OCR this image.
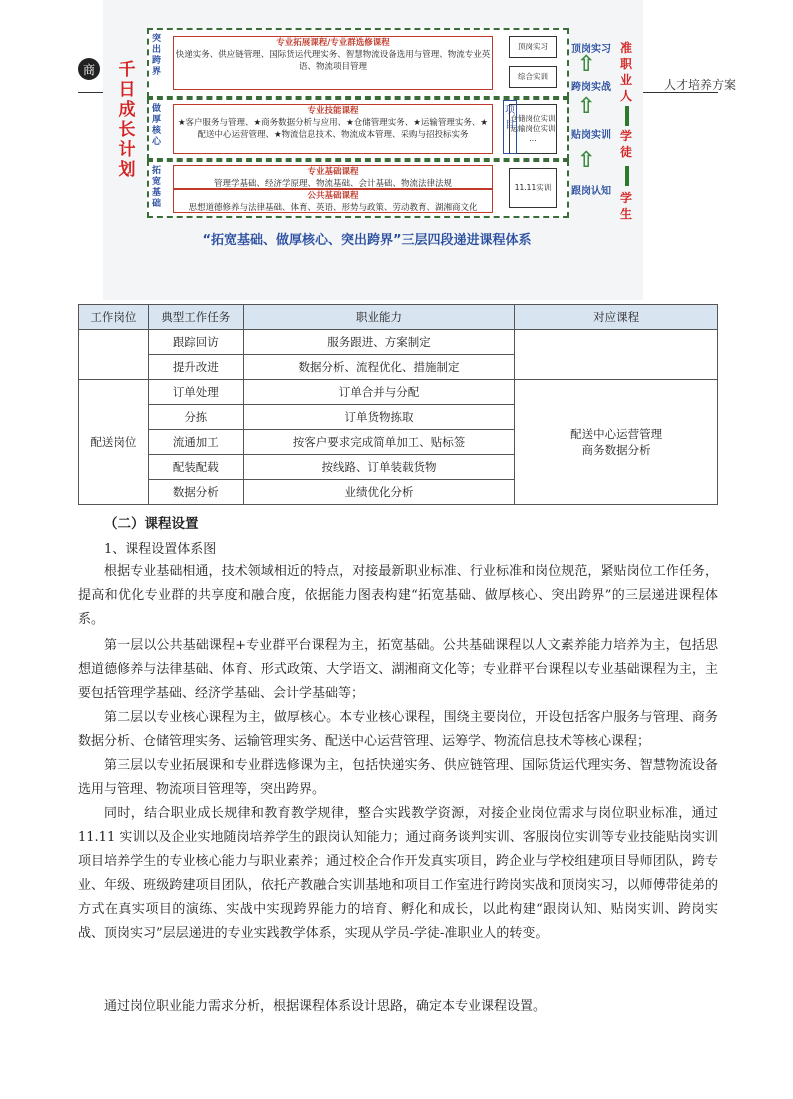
商
人才培养方案
千日成长计划
突出跨界
专业拓展课程/专业群选修课程
快递实务、供应链管理、国际货运代理实务、智慧物流设备选用与管理、物流专业英语、物流项目管理
顶岗实习
综合实训
做厚核心
专业技能课程
★客户服务与管理、★商务数据分析与应用、★仓储管理实务、★运输管理实务、★配送中心运营管理、★物流信息技术、物流成本管理、采购与招投标实务
仓储岗位实训
运输岗位实训
...
拓宽基础
专业基础课程
管理学基础、经济学原理、物流基础、会计基础、物流法律法规
公共基础课程
思想道德修养与法律基础、体育、英语、形势与政策、劳动教育、湖湘商文化
11.11实训
项目
顶岗实习
⇧
跨岗实战
⇧
贴岗实训
⇧
跟岗认知
准职业人
学徒
学生
“拓宽基础、做厚核心、突出跨界”三层四段递进课程体系
工作岗位	典型工作任务	职业能力	对应课程
	跟踪回访	服务跟进、方案制定	
	提升改进	数据分析、流程优化、措施制定	
配送岗位	订单处理	订单合并与分配	配送中心运营管理
商务数据分析

	分拣	订单货物拣取	
	流通加工	按客户要求完成简单加工、贴标签	
	配装配载	按线路、订单装载货物	
	数据分析	业绩优化分析	
（二）课程设置
1、课程设置体系图
根据专业基础相通，技术领域相近的特点，对接最新职业标准、行业标准和岗位规范，紧贴岗位工作任务，提高和优化专业群的共享度和融合度，依据能力图表构建“拓宽基础、做厚核心、突出跨界”的三层递进课程体系。
第一层以公共基础课程+专业群平台课程为主，拓宽基础。公共基础课程以人文素养能力培养为主，包括思想道德修养与法律基础、体育、形式政策、大学语文、湖湘商文化等；专业群平台课程以专业基础课程为主，主要包括管理学基础、经济学基础、会计学基础等；
第二层以专业核心课程为主，做厚核心。本专业核心课程，围绕主要岗位，开设包括客户服务与管理、商务数据分析、仓储管理实务、运输管理实务、配送中心运营管理、运筹学、物流信息技术等核心课程；
第三层以专业拓展课和专业群选修课为主，包括快递实务、供应链管理、国际货运代理实务、智慧物流设备选用与管理、物流项目管理等，突出跨界。
同时，结合职业成长规律和教育教学规律，整合实践教学资源，对接企业岗位需求与岗位职业标准，通过 11.11 实训以及企业实地随岗培养学生的跟岗认知能力；通过商务谈判实训、客服岗位实训等专业技能贴岗实训项目培养学生的专业核心能力与职业素养；通过校企合作开发真实项目，跨企业与学校组建项目导师团队，跨专业、年级、班级跨建项目团队，依托产教融合实训基地和项目工作室进行跨岗实战和顶岗实习，以师傅带徒弟的方式在真实项目的演练、实战中实现跨界能力的培育、孵化和成长，以此构建“跟岗认知、贴岗实训、跨岗实战、顶岗实习”层层递进的专业实践教学体系，实现从学员-学徒-准职业人的转变。
通过岗位职业能力需求分析，根据课程体系设计思路，确定本专业课程设置。
